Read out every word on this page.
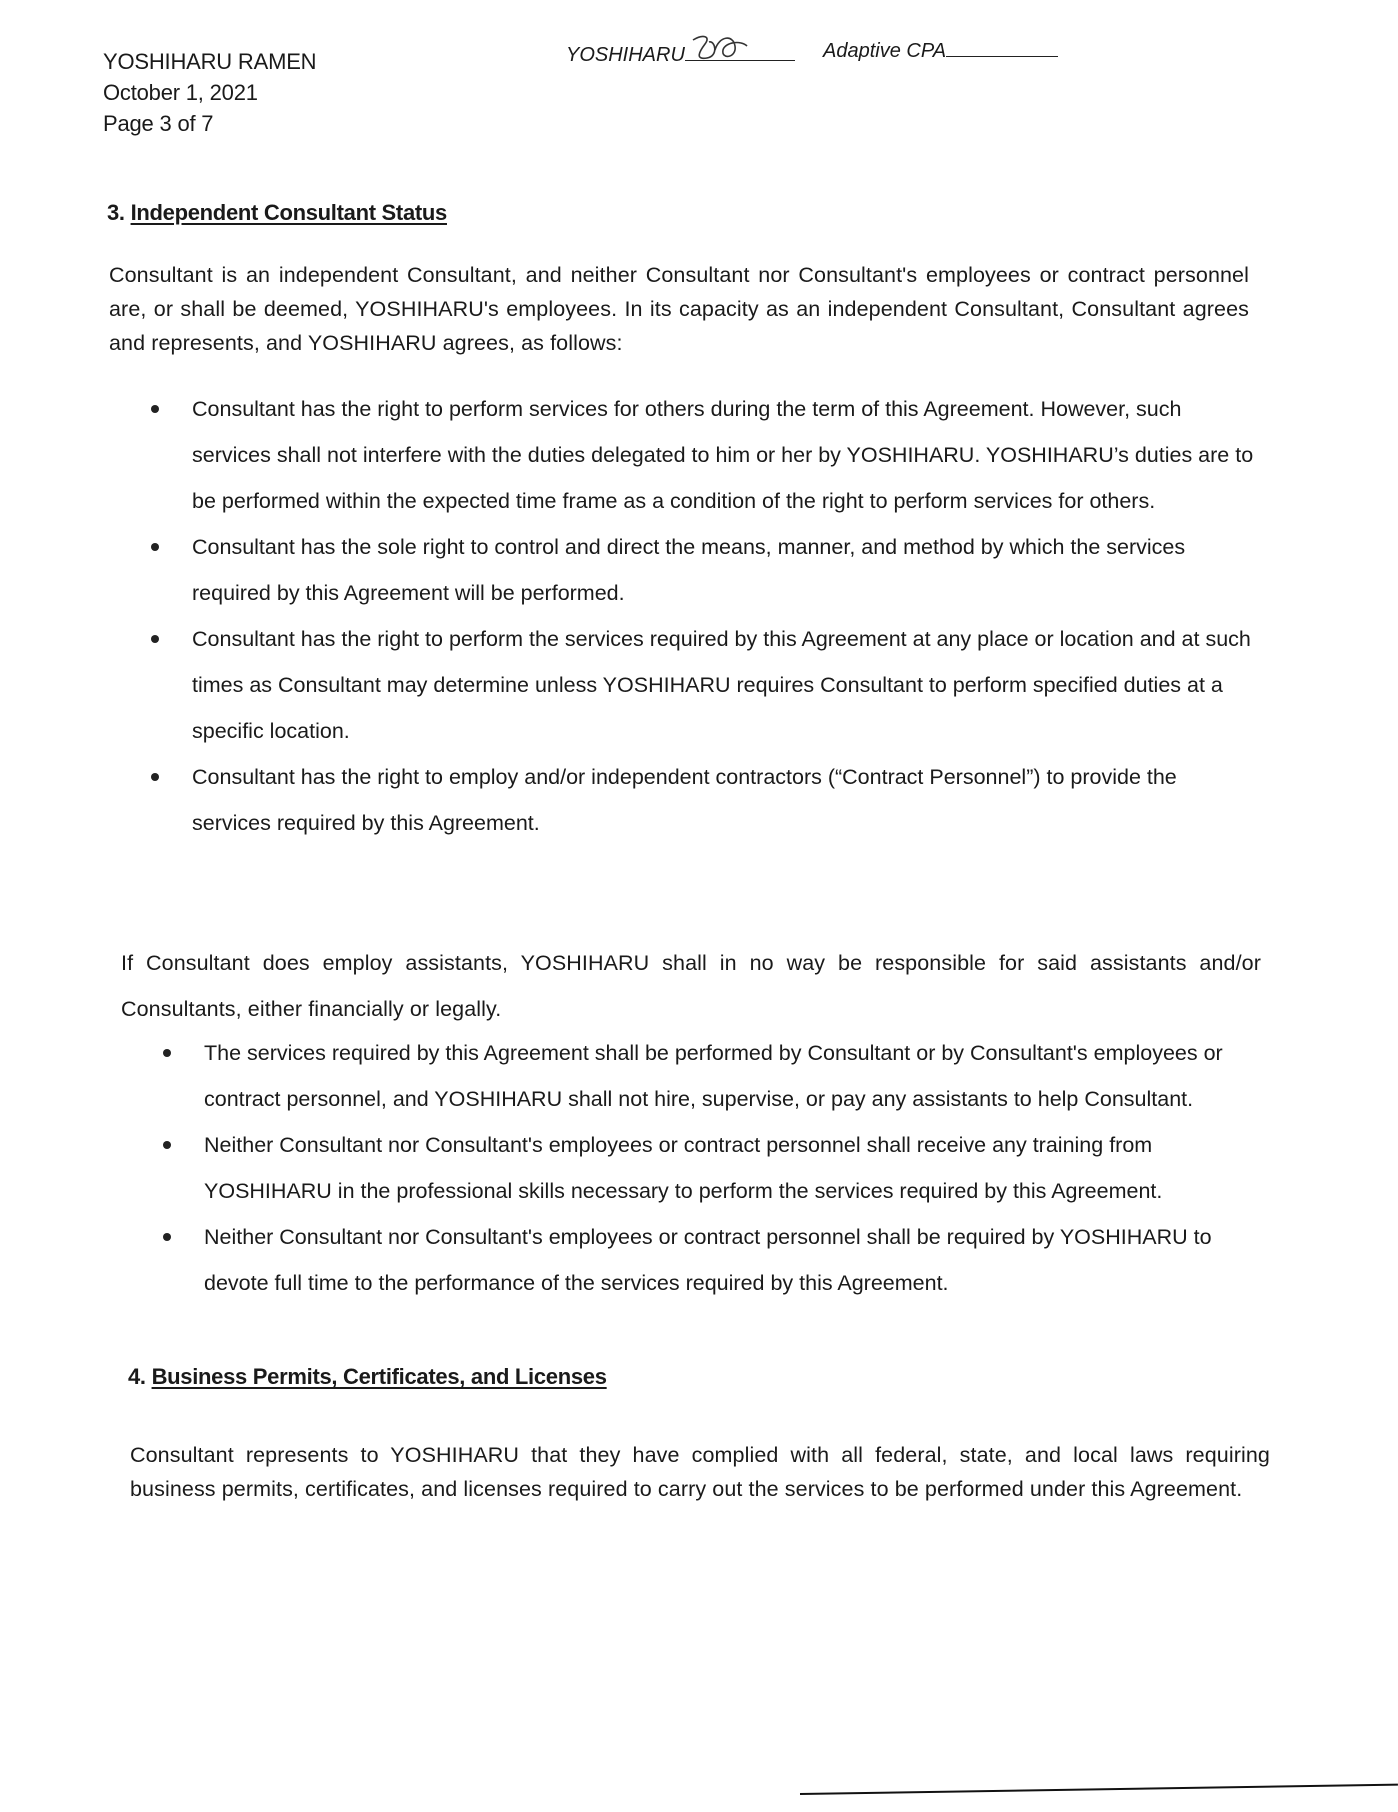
YOSHIHARU RAMEN
October 1, 2021
Page 3 of 7
YOSHIHARU	Adaptive CPA
3. Independent Consultant Status
Consultant is an independent Consultant, and neither Consultant nor Consultant's employees or contract personnel are, or shall be deemed, YOSHIHARU's employees. In its capacity as an independent Consultant, Consultant agrees and represents, and YOSHIHARU agrees, as follows:
Consultant has the right to perform services for others during the term of this Agreement. However, such services shall not interfere with the duties delegated to him or her by YOSHIHARU. YOSHIHARU’s duties are to be performed within the expected time frame as a condition of the right to perform services for others.
Consultant has the sole right to control and direct the means, manner, and method by which the services required by this Agreement will be performed.
Consultant has the right to perform the services required by this Agreement at any place or location and at such times as Consultant may determine unless YOSHIHARU requires Consultant to perform specified duties at a specific location.
Consultant has the right to employ and/or independent contractors (“Contract Personnel”) to provide the services required by this Agreement.
If Consultant does employ assistants, YOSHIHARU shall in no way be responsible for said assistants and/or Consultants, either financially or legally.
The services required by this Agreement shall be performed by Consultant or by Consultant's employees or contract personnel, and YOSHIHARU shall not hire, supervise, or pay any assistants to help Consultant.
Neither Consultant nor Consultant's employees or contract personnel shall receive any training from YOSHIHARU in the professional skills necessary to perform the services required by this Agreement.
Neither Consultant nor Consultant's employees or contract personnel shall be required by YOSHIHARU to devote full time to the performance of the services required by this Agreement.
4. Business Permits, Certificates, and Licenses
Consultant represents to YOSHIHARU that they have complied with all federal, state, and local laws requiring business permits, certificates, and licenses required to carry out the services to be performed under this Agreement.
